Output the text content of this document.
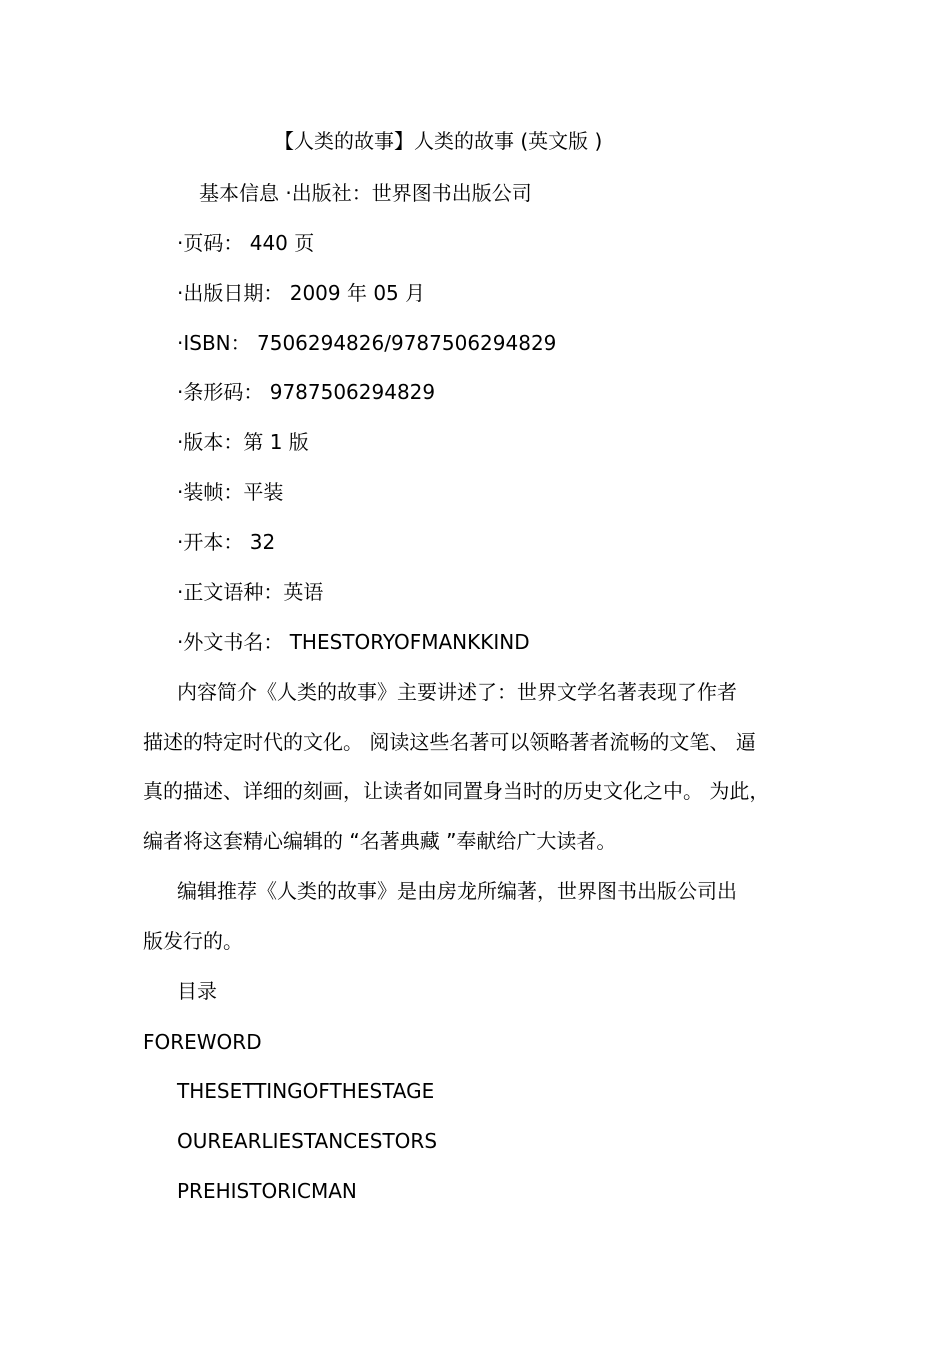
【人类的故事】人类的故事 (英文版 )
基本信息 ·出版社：世界图书出版公司
·页码： 440 页
·出版日期： 2009 年 05 月
·ISBN： 7506294826/9787506294829
·条形码： 9787506294829
·版本：第 1 版
·装帧：平装
·开本： 32
·正文语种：英语
·外文书名： THESTORYOFMANKKIND
内容简介《人类的故事》主要讲述了：世界文学名著表现了作者
描述的特定时代的文化。 阅读这些名著可以领略著者流畅的文笔、 逼
真的描述、详细的刻画，让读者如同置身当时的历史文化之中。 为此，
编者将这套精心编辑的 “名著典藏 ”奉献给广大读者。
编辑推荐《人类的故事》是由房龙所编著，世界图书出版公司出
版发行的。
目录
FOREWORD
THESETTINGOFTHESTAGE
OUREARLIESTANCESTORS
PREHISTORICMAN
